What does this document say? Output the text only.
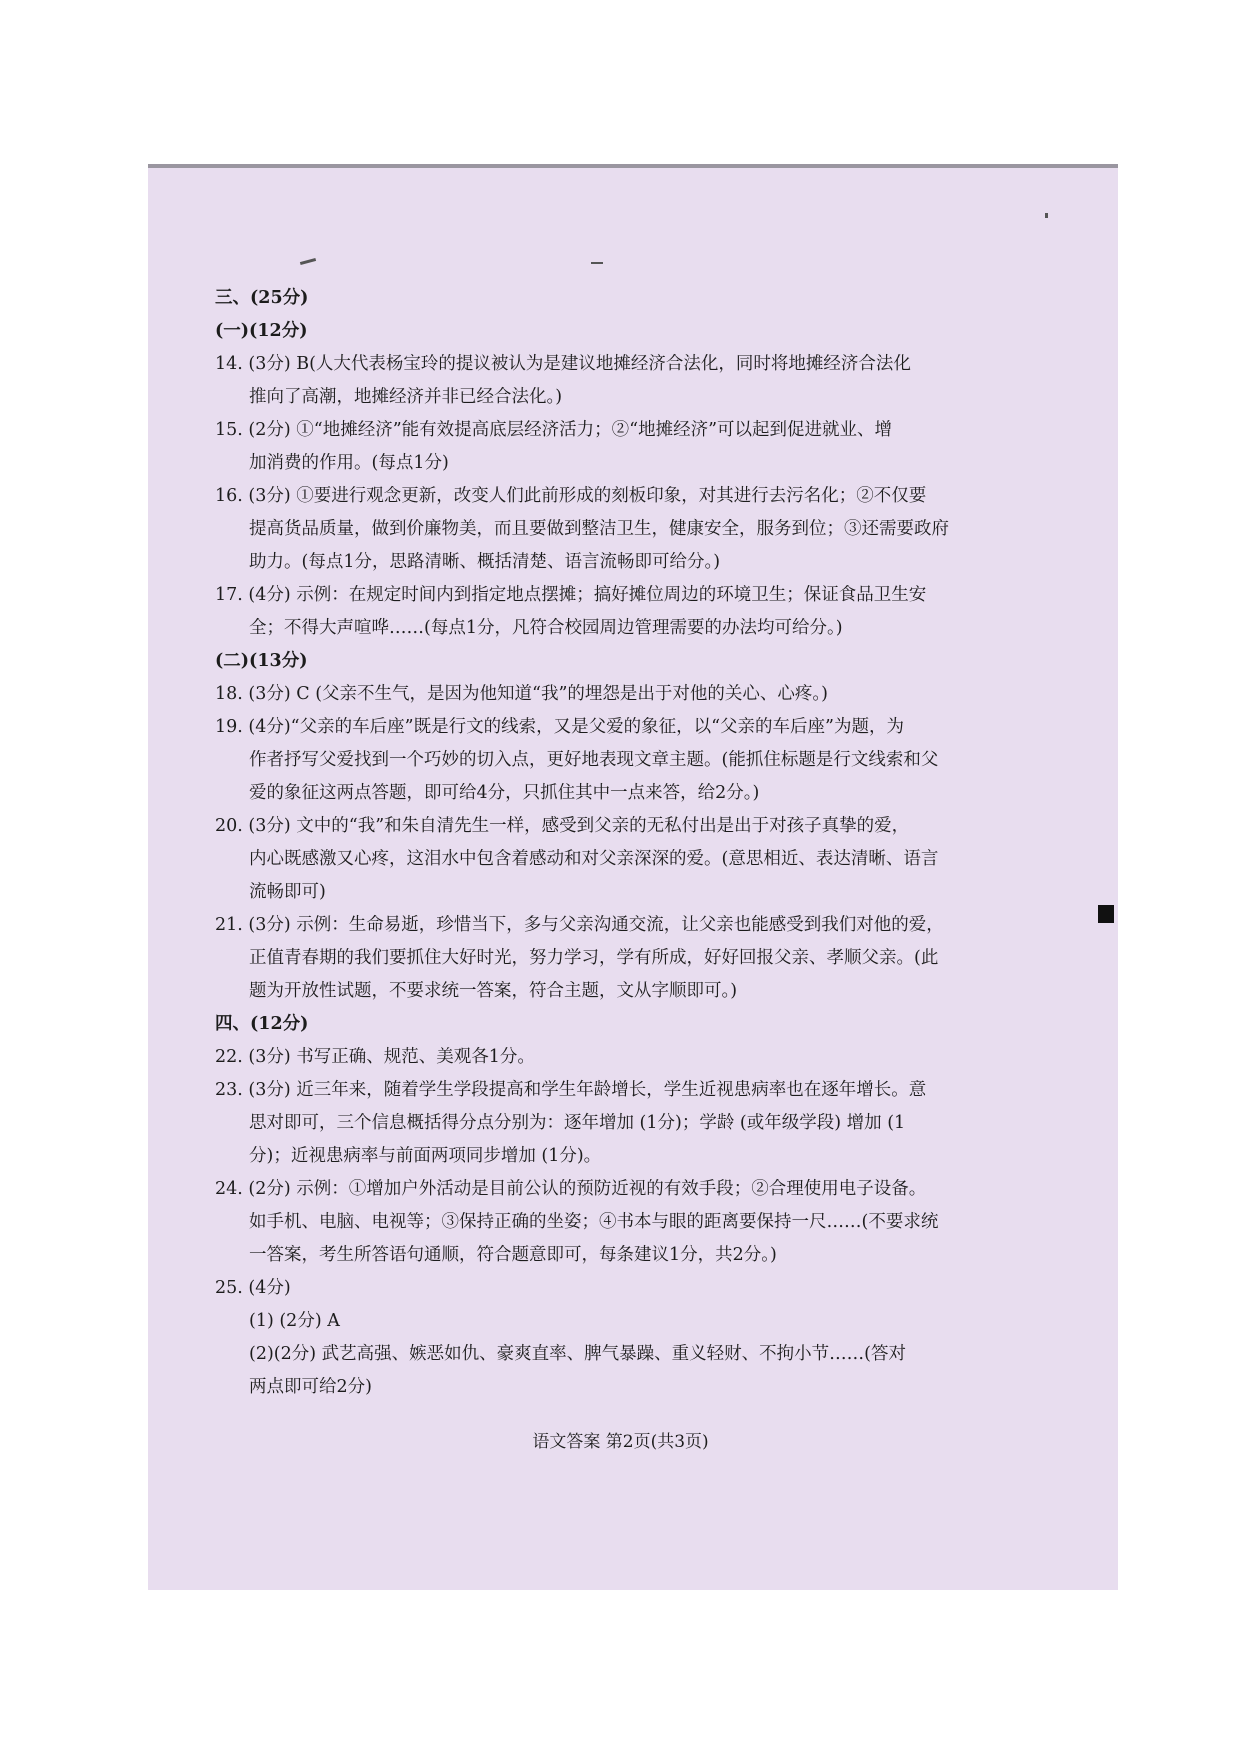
三、(25分)

(一)(12分)

14. (3分) B(人大代表杨宝玲的提议被认为是建议地摊经济合法化，同时将地摊经济合法化

推向了高潮，地摊经济并非已经合法化。)

15. (2分) ①“地摊经济”能有效提高底层经济活力；②“地摊经济”可以起到促进就业、增

加消费的作用。(每点1分)

16. (3分) ①要进行观念更新，改变人们此前形成的刻板印象，对其进行去污名化；②不仅要

提高货品质量，做到价廉物美，而且要做到整洁卫生，健康安全，服务到位；③还需要政府

助力。(每点1分，思路清晰、概括清楚、语言流畅即可给分。)

17. (4分) 示例：在规定时间内到指定地点摆摊；搞好摊位周边的环境卫生；保证食品卫生安

全；不得大声喧哗……(每点1分，凡符合校园周边管理需要的办法均可给分。)

(二)(13分)

18. (3分) C (父亲不生气，是因为他知道“我”的埋怨是出于对他的关心、心疼。)

19. (4分)“父亲的车后座”既是行文的线索，又是父爱的象征，以“父亲的车后座”为题，为

作者抒写父爱找到一个巧妙的切入点，更好地表现文章主题。(能抓住标题是行文线索和父

爱的象征这两点答题，即可给4分，只抓住其中一点来答，给2分。)

20. (3分) 文中的“我”和朱自清先生一样，感受到父亲的无私付出是出于对孩子真挚的爱，

内心既感激又心疼，这泪水中包含着感动和对父亲深深的爱。(意思相近、表达清晰、语言

流畅即可)

21. (3分) 示例：生命易逝，珍惜当下，多与父亲沟通交流，让父亲也能感受到我们对他的爱，

正值青春期的我们要抓住大好时光，努力学习，学有所成，好好回报父亲、孝顺父亲。(此

题为开放性试题，不要求统一答案，符合主题，文从字顺即可。)

四、(12分)

22. (3分) 书写正确、规范、美观各1分。

23. (3分) 近三年来，随着学生学段提高和学生年龄增长，学生近视患病率也在逐年增长。意

思对即可，三个信息概括得分点分别为：逐年增加 (1分)；学龄 (或年级学段) 增加 (1

分)；近视患病率与前面两项同步增加 (1分)。

24. (2分) 示例：①增加户外活动是目前公认的预防近视的有效手段；②合理使用电子设备。

如手机、电脑、电视等；③保持正确的坐姿；④书本与眼的距离要保持一尺……(不要求统

一答案，考生所答语句通顺，符合题意即可，每条建议1分，共2分。)

25. (4分)

(1) (2分) A

(2)(2分) 武艺高强、嫉恶如仇、豪爽直率、脾气暴躁、重义轻财、不拘小节……(答对

两点即可给2分)

语文答案 第2页(共3页)
